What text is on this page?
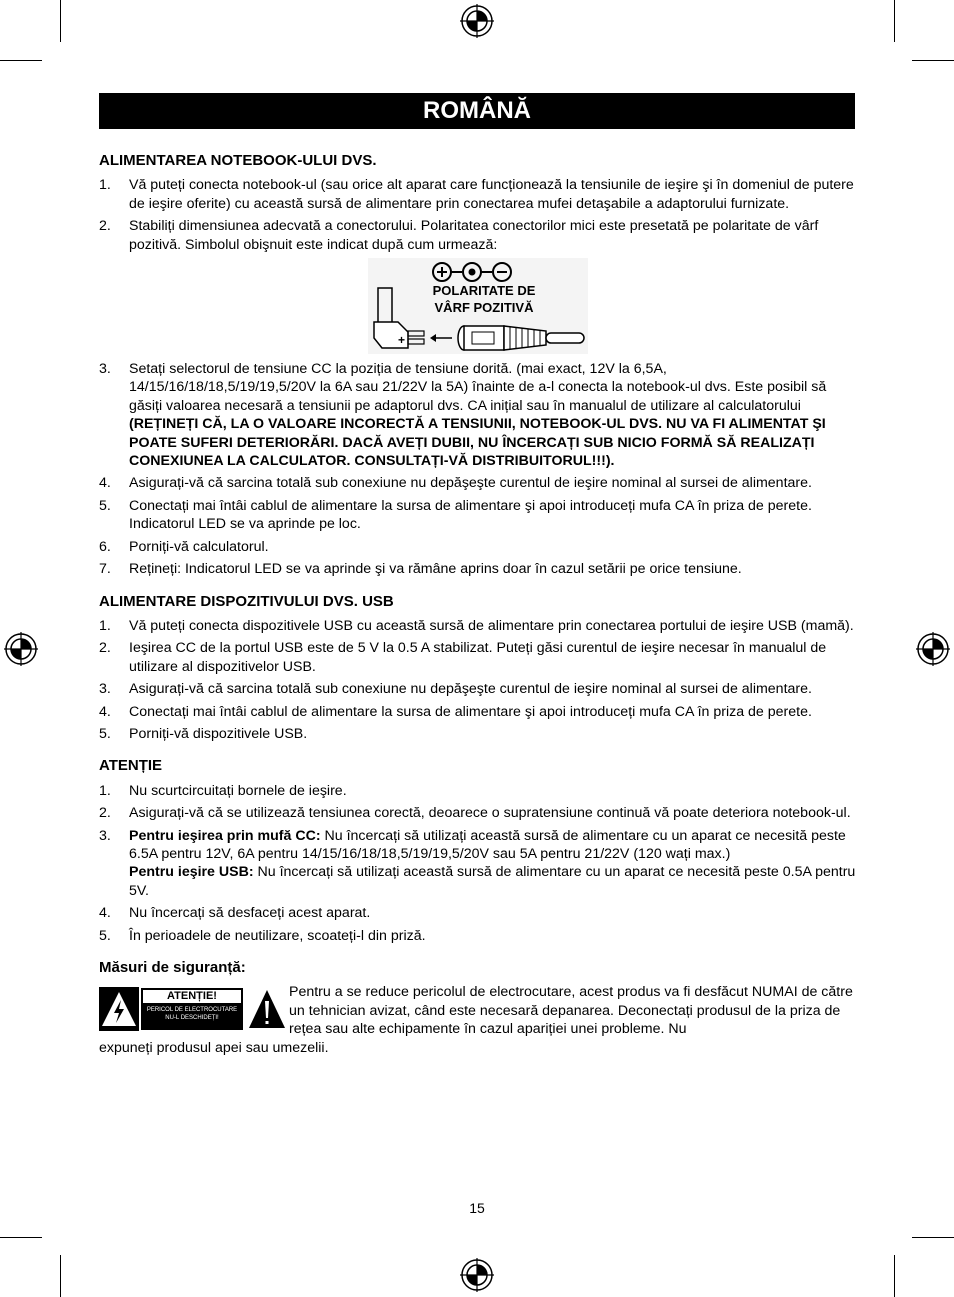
ROMÂNĂ
ALIMENTAREA NOTEBOOK-ULUI DVS.
1. Vă puteți conecta notebook-ul (sau orice alt aparat care funcționează la tensiunile de ieşire şi în domeniul de putere de ieşire oferite) cu această sursă de alimentare prin conectarea mufei detaşabile a adaptorului furnizate.
2. Stabiliți dimensiunea adecvată a conectorului. Polaritatea conectorilor mici este presetată pe polaritate de vârf pozitivă. Simbolul obişnuit este indicat după cum urmează:
POLARITATE DE
VÂRF POZITIVĂ
+
3. Setați selectorul de tensiune CC la poziția de tensiune dorită. (mai exact, 12V la 6,5A, 14/15/16/18/18,5/19/19,5/20V la 6A sau 21/22V la 5A) înainte de a-l conecta la notebook-ul dvs. Este posibil să găsiți valoarea necesară a tensiunii pe adaptorul dvs. CA inițial sau în manualul de utilizare al calculatorului (REȚINEȚI CĂ, LA O VALOARE INCORECTĂ A TENSIUNII, NOTEBOOK-UL DVS. NU VA FI ALIMENTAT ŞI POATE SUFERI DETERIORĂRI. DACĂ AVEȚI DUBII, NU ÎNCERCAȚI SUB NICIO FORMĂ SĂ REALIZAȚI CONEXIUNEA LA CALCULATOR. CONSULTAȚI-VĂ DISTRIBUITORUL!!!).
4. Asigurați-vă că sarcina totală sub conexiune nu depăşeşte curentul de ieşire nominal al sursei de alimentare.
5. Conectați mai întâi cablul de alimentare la sursa de alimentare şi apoi introduceți mufa CA în priza de perete. Indicatorul LED se va aprinde pe loc.
6. Porniți-vă calculatorul.
7. Rețineți: Indicatorul LED se va aprinde şi va rămâne aprins doar în cazul setării pe orice tensiune.
ALIMENTARE DISPOZITIVULUI DVS. USB
1. Vă puteți conecta dispozitivele USB cu această sursă de alimentare prin conectarea portului de ieşire USB (mamă).
2. Ieşirea CC de la portul USB este de 5 V la 0.5 A stabilizat. Puteți găsi curentul de ieşire necesar în manualul de utilizare al dispozitivelor USB.
3. Asigurați-vă că sarcina totală sub conexiune nu depăşeşte curentul de ieşire nominal al sursei de alimentare.
4. Conectați mai întâi cablul de alimentare la sursa de alimentare şi apoi introduceți mufa CA în priza de perete.
5. Porniți-vă dispozitivele USB.
ATENȚIE
1. Nu scurtcircuitați bornele de ieşire.
2. Asigurați-vă că se utilizează tensiunea corectă, deoarece o supratensiune continuă vă poate deteriora notebook-ul.
3. Pentru ieşirea prin mufă CC: Nu încercați să utilizați această sursă de alimentare cu un aparat ce necesită peste 6.5A pentru 12V, 6A pentru 14/15/16/18/18,5/19/19,5/20V sau 5A pentru 21/22V (120 wați max.)
Pentru ieşire USB: Nu încercați să utilizați această sursă de alimentare cu un aparat ce necesită peste 0.5A pentru 5V.
4. Nu încercați să desfaceți acest aparat.
5. În perioadele de neutilizare, scoateți-l din priză.
Măsuri de siguranță:
ATENȚIE!
PERICOL DE ELECTROCUTARE
NU-L DESCHIDEȚI!
Pentru a se reduce pericolul de electrocutare, acest produs va fi desfăcut NUMAI de către un tehnician avizat, când este necesară depanarea. Deconectați produsul de la priza de rețea sau alte echipamente în cazul apariției unei probleme. Nu
expuneți produsul apei sau umezelii.
15
